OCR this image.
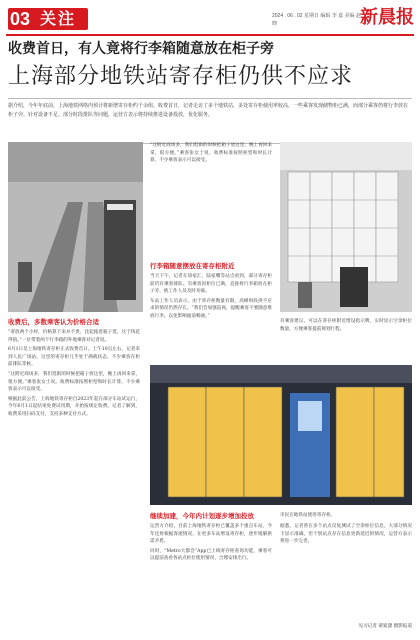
03 关注	2024 . 06 . 02 星期日 编辑 李 嘉 美编 赵晓	新晨报
收费首日，有人竟将行李箱随意放在柜子旁
上海部分地铁站寄存柜仍供不应求
据介绍，今年年底前，上海地铁网络内预计将新增寄存柜约千余组。收费首日，记者走访了多个地铁站，多处寄存柜使用率较高，一些乘客发现储物柜已满，而部分乘客仍将行李放在柜子旁。针对设备不足、部分时段排队等问题，运营方表示将持续推进设备投放，优化服务。
收费后，多数乘客认为价格合适

“寄放两个小时，价格算下来并不贵，比起拖着箱子逛，这个钱花得值。”一位带着两个行李箱的外地乘客对记者说。

6月1日是上海地铁寄存柜正式收费首日。上午10点左右，记者来到人民广场站，这里的寄存柜几乎处于满载状态，不少乘客在柜前排队等候。

“这附近商场多，我们逛街的时候把箱子放这里，晚上再回来拿，很方便。”乘客张女士说。收费标准按照柜型和时长计算，不少乘客表示可以接受。

根据此前公告，上海地铁寄存柜自2023年起在部分车站试运行，今年6月1日起结束免费试用期，开始按规定收费。记者了解到，收费采用扫码支付，支持多种支付方式。

“这附近商场多，我们逛街的时候把箱子放这里，晚上再回来拿，很方便。”乘客张女士说。收费标准按照柜型和时长计算，不少乘客表示可以接受。

行李箱随意摆放在寄存柜附近

当天下午，记者在徐家汇、陆家嘴等站点看到，部分寄存柜前仍有乘客排队。有乘客因柜位已满，直接将行李箱放在柜子旁，被工作人员及时劝离。

车站工作人员表示，由于寄存柜数量有限，高峰时段供不应求的情况仍然存在。“我们会加强巡视，提醒乘客不要随意堆放行李，以免影响通道畅通。”

有乘客建议，可以在寄存柜附近增设指示牌，实时显示空余柜位数量，方便乘客提前规划行程。

继续加建，今年内计划逐步增加投放

运营方介绍，目前上海地铁寄存柜已覆盖多个重点车站，今年还将根据客流情况，在更多车站增设寄存柜，逐步缓解供需矛盾。

同时，“Metro大都会”App已上线寄存柜查询功能，乘客可以提前查看各站点柜位使用情况，合理安排出行。

市民在地铁站使用寄存柜。

据悉，记者曾在多个站点反复测试了空余柜位信息，大部分情况下显示准确，但个别站点存在信息更新延迟的情况，运营方表示将进一步完善。

见习记者 蒙迪潇 摄影报道
